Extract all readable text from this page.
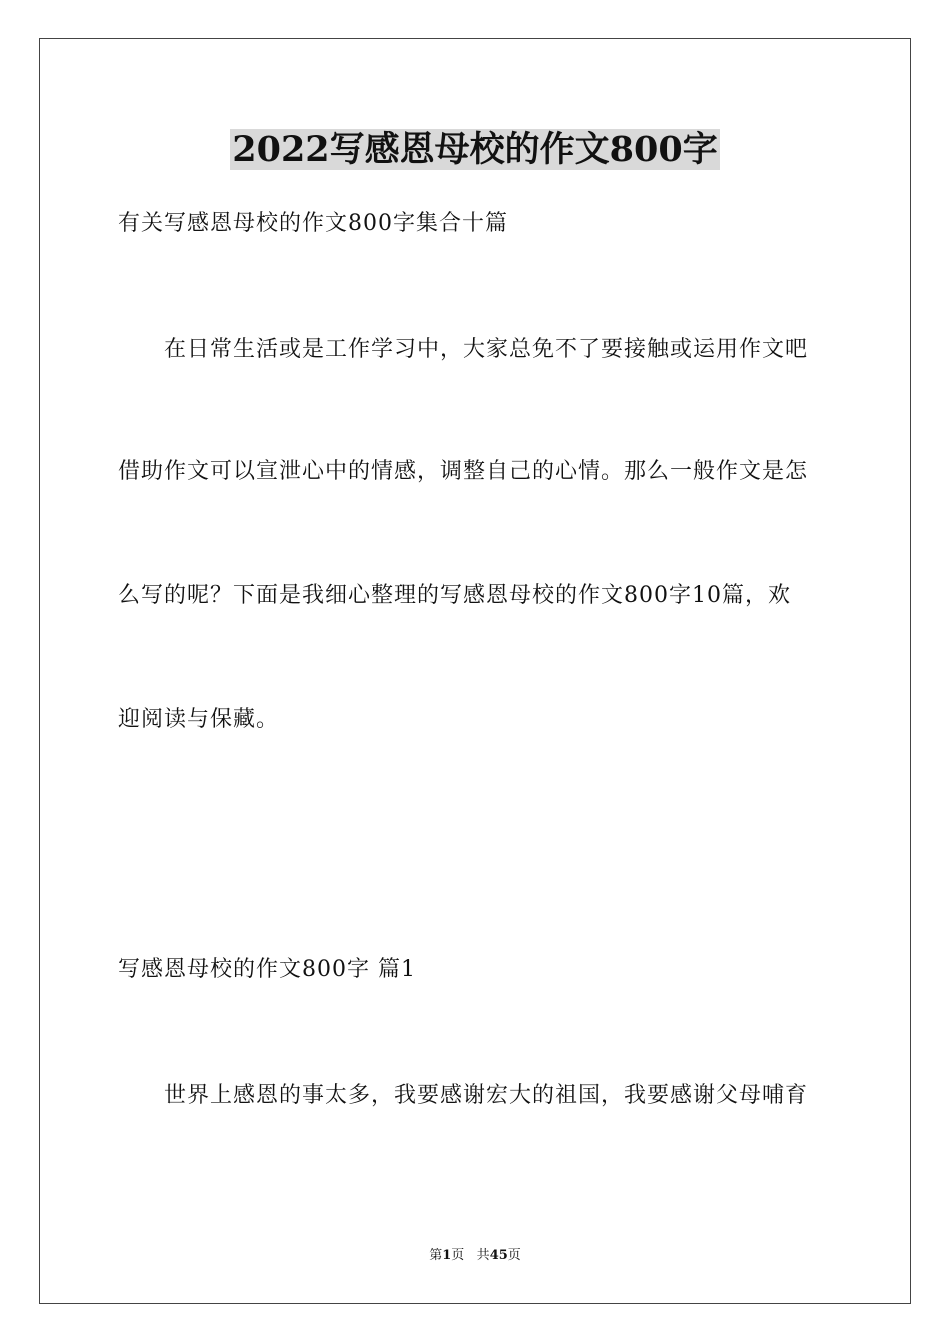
2022写感恩母校的作文800字
有关写感恩母校的作文800字集合十篇
在日常生活或是工作学习中，大家总免不了要接触或运用作文吧
借助作文可以宣泄心中的情感，调整自己的心情。那么一般作文是怎
么写的呢？下面是我细心整理的写感恩母校的作文800字10篇，欢
迎阅读与保藏。
写感恩母校的作文800字 篇1
世界上感恩的事太多，我要感谢宏大的祖国，我要感谢父母哺育
第1页 共45页
